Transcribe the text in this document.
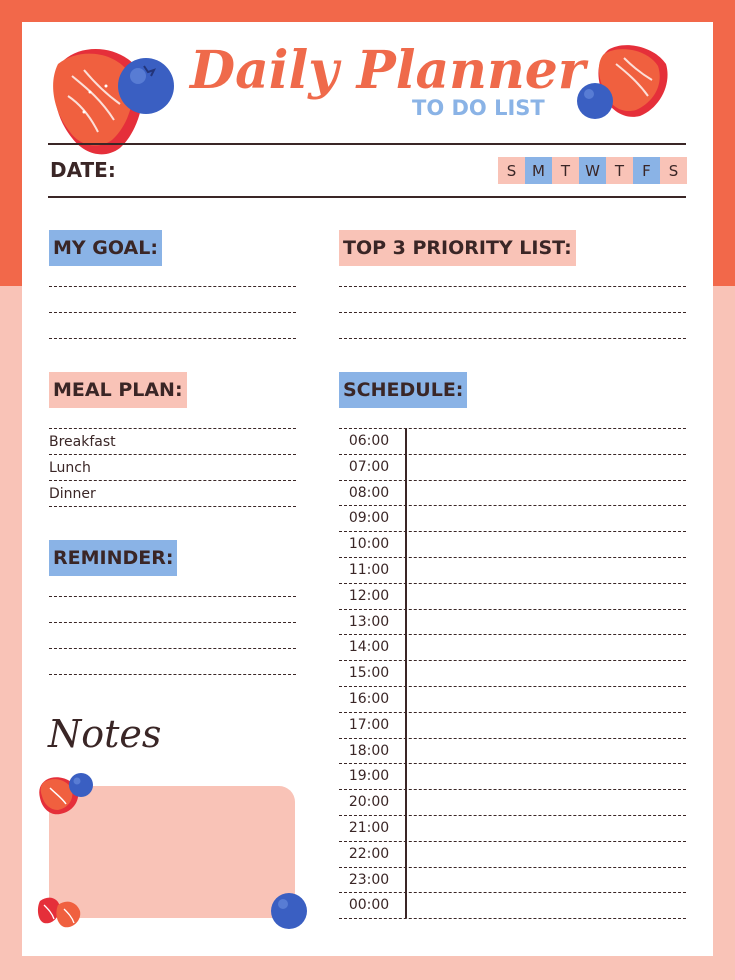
Daily Planner
TO DO LIST
DATE:	S	M	T	W T	F	S
MY GOAL:	TOP 3 PRIORITY LIST:
MEAL PLAN:
Breakfast
Lunch
Dinner
REMINDER:
Notes
SCHEDULE:
06:00
07:00
08:00
09:00
10:00
11:00
12:00
13:00
14:00
15:00
16:00
17:00
18:00
19:00
20:00
21:00
22:00
23:00
00:00
